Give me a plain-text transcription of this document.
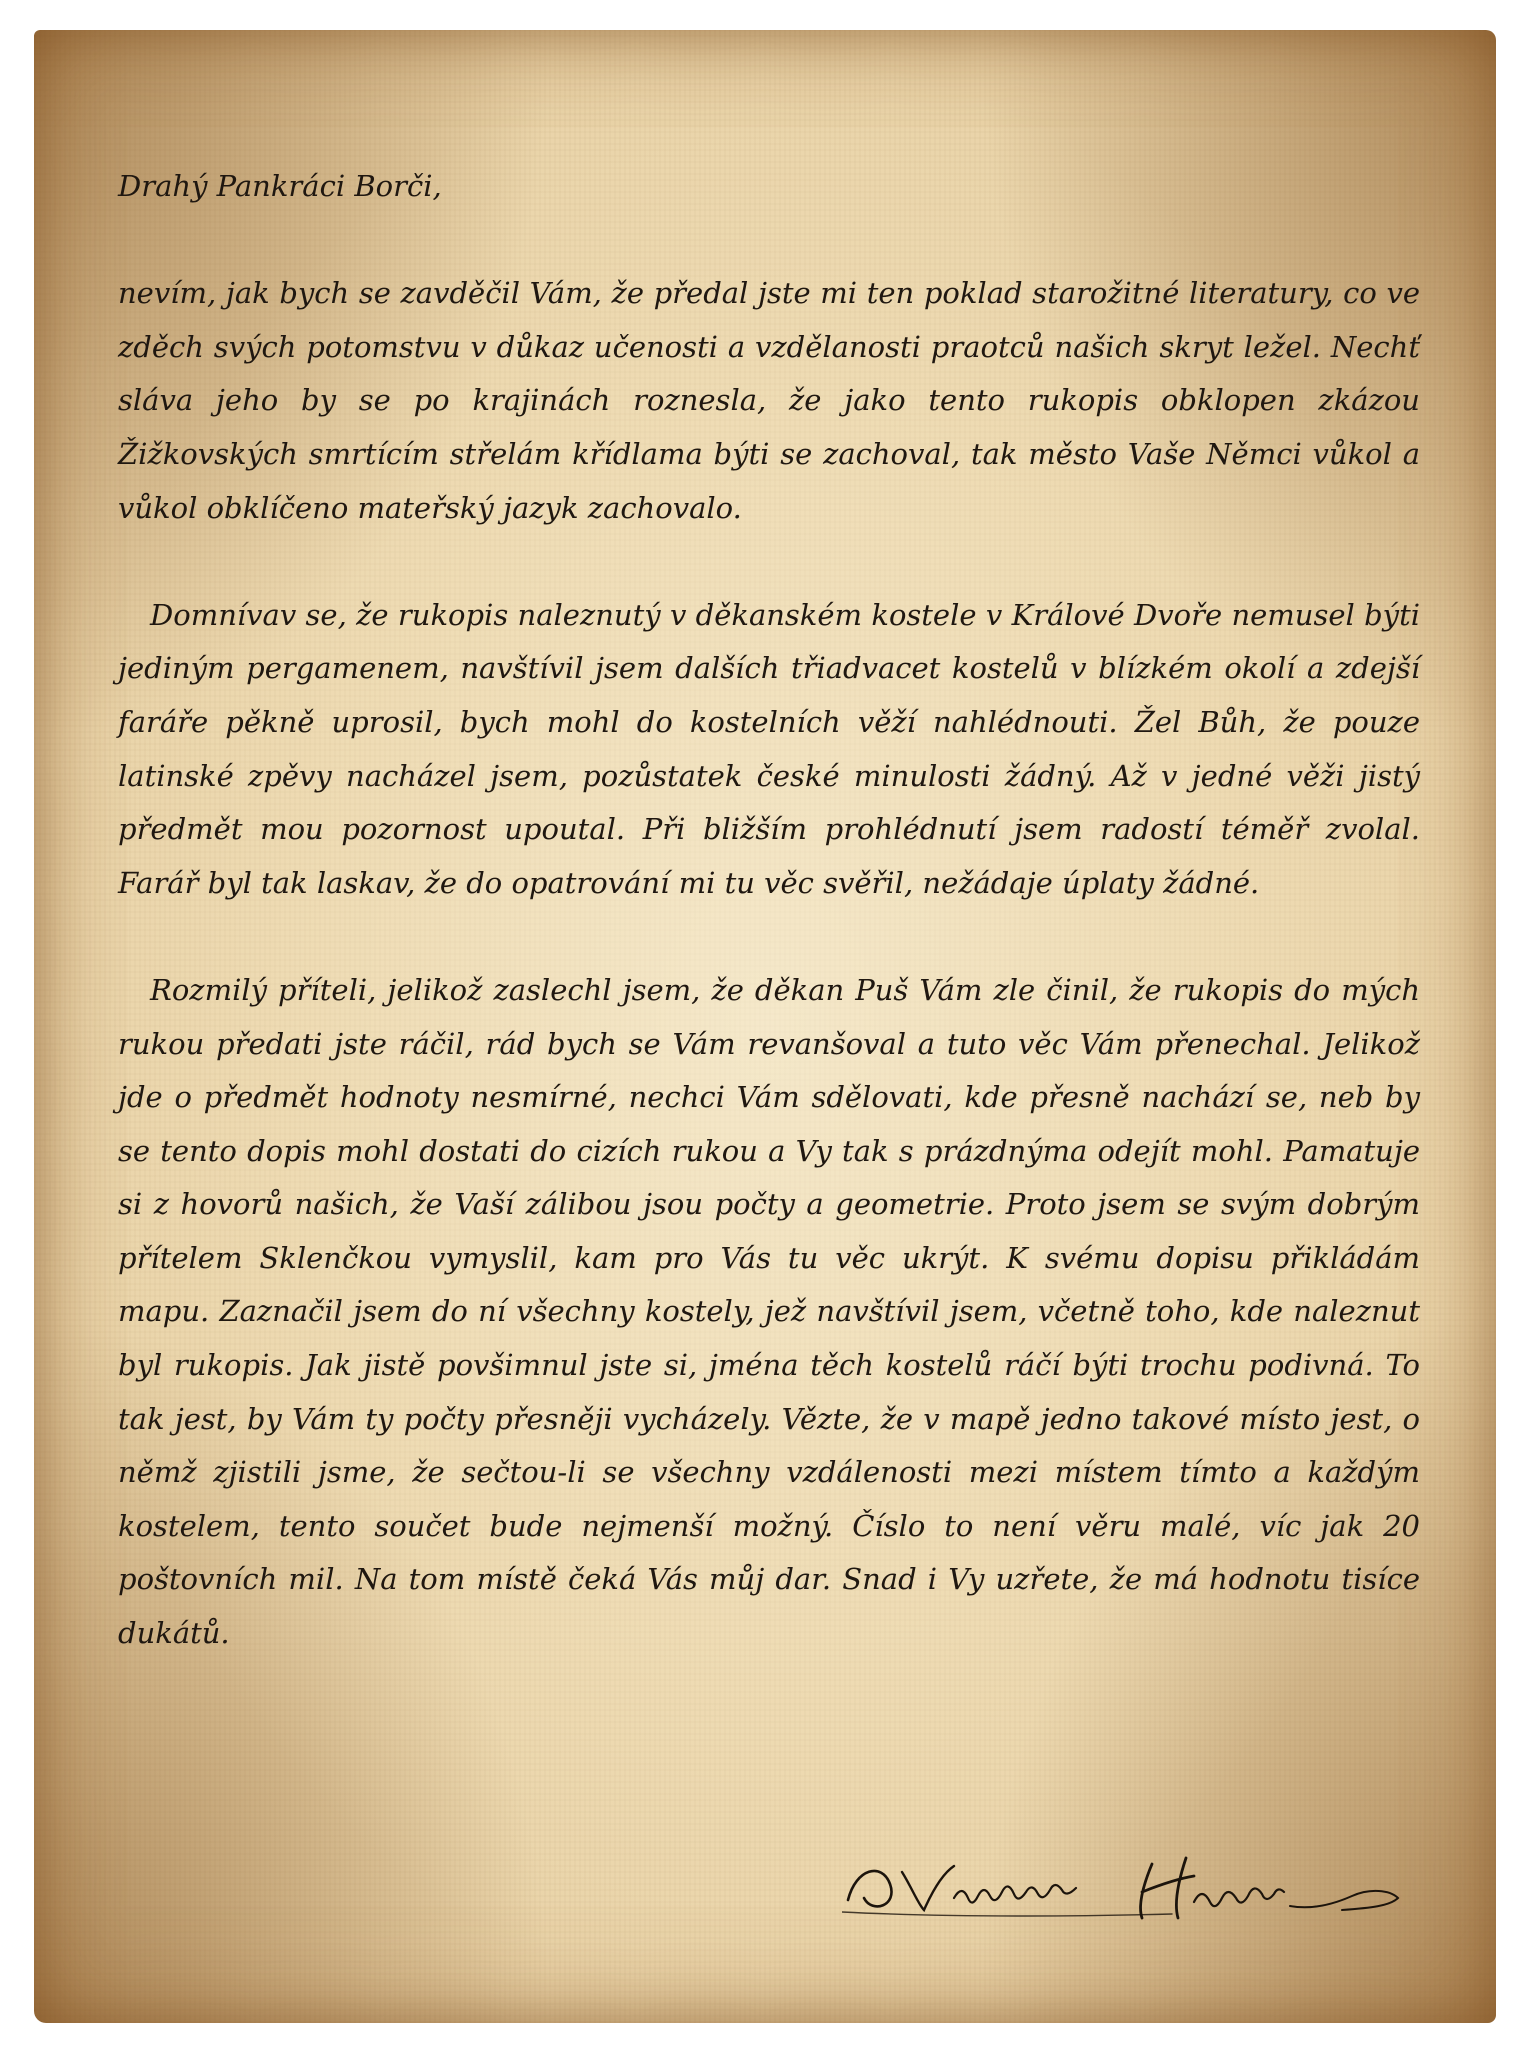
Drahý Pankráci Borči,

nevím, jak bych se zavděčil Vám, že předal jste mi ten poklad starožitné literatury, co ve zděch svých potomstvu v důkaz učenosti a vzdělanosti praotců našich skryt ležel. Nechť sláva jeho by se po krajinách roznesla, že jako tento rukopis obklopen zkázou Žižkovských smrtícím střelám křídlama býti se zachoval, tak město Vaše Němci vůkol a vůkol obklíčeno mateřský jazyk zachovalo.

Domnívav se, že rukopis naleznutý v děkanském kostele v Králové Dvoře nemusel býti jediným pergamenem, navštívil jsem dalších třiadvacet kostelů v blízkém okolí a zdejší faráře pěkně uprosil, bych mohl do kostelních věží nahlédnouti. Žel Bůh, že pouze latinské zpěvy nacházel jsem, pozůstatek české minulosti žádný. Až v jedné věži jistý předmět mou pozornost upoutal. Při bližším prohlédnutí jsem radostí téměř zvolal. Farář byl tak laskav, že do opatrování mi tu věc svěřil, nežádaje úplaty žádné.

Rozmilý příteli, jelikož zaslechl jsem, že děkan Puš Vám zle činil, že rukopis do mých rukou předati jste ráčil, rád bych se Vám revanšoval a tuto věc Vám přenechal. Jelikož jde o předmět hodnoty nesmírné, nechci Vám sdělovati, kde přesně nachází se, neb by se tento dopis mohl dostati do cizích rukou a Vy tak s prázdnýma odejít mohl. Pamatuje si z hovorů našich, že Vaší zálibou jsou počty a geometrie. Proto jsem se svým dobrým přítelem Sklenčkou vymyslil, kam pro Vás tu věc ukrýt. K svému dopisu přikládám mapu. Zaznačil jsem do ní všechny kostely, jež navštívil jsem, včetně toho, kde naleznut byl rukopis. Jak jistě povšimnul jste si, jména těch kostelů ráčí býti trochu podivná. To tak jest, by Vám ty počty přesněji vycházely. Vězte, že v mapě jedno takové místo jest, o němž zjistili jsme, že sečtou-li se všechny vzdálenosti mezi místem tímto a každým kostelem, tento součet bude nejmenší možný. Číslo to není věru malé, víc jak 20 poštovních mil. Na tom místě čeká Vás můj dar. Snad i Vy uzřete, že má hodnotu tisíce dukátů.
